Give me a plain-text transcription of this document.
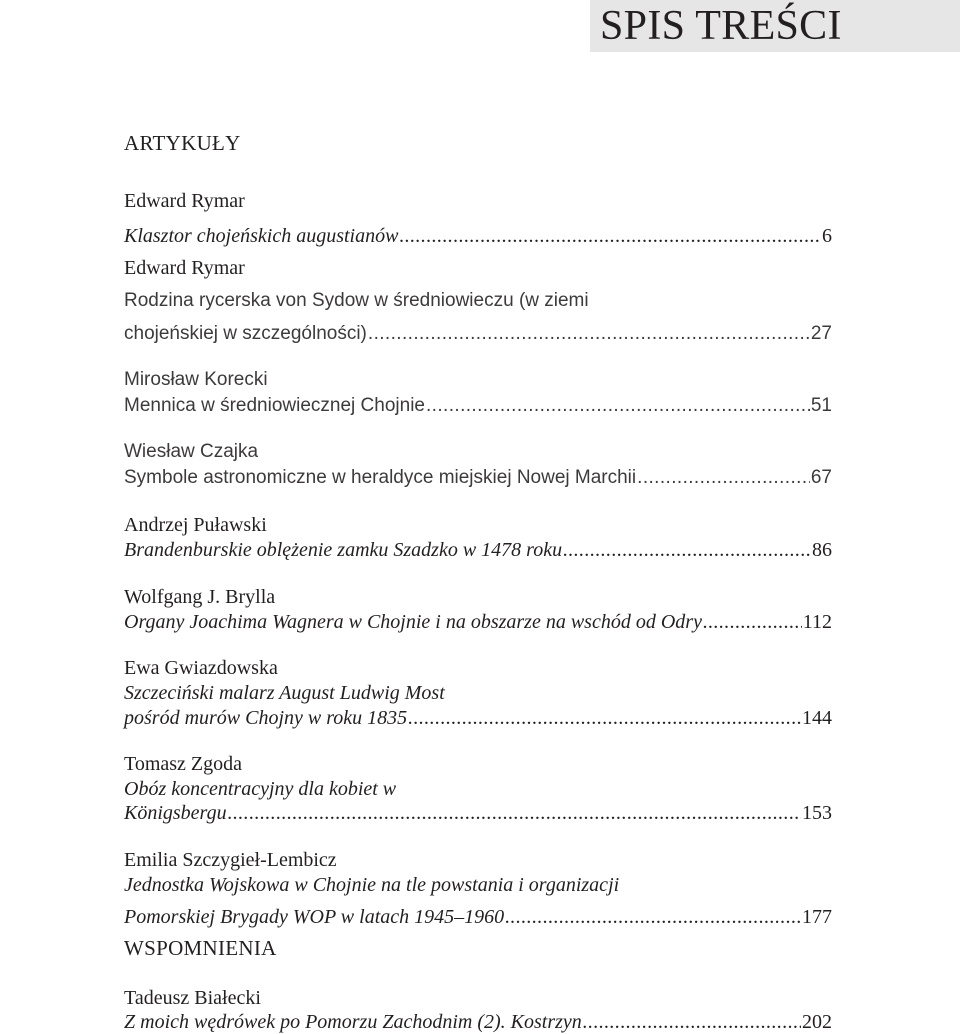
SPIS TREŚCI
ARTYKUŁY
Edward Rymar
Klasztor chojeńskich augustianów .....	6
Edward Rymar
Rodzina rycerska von Sydow w średniowieczu (w ziemi
chojeńskiej w szczególności) .....	27
Mirosław Korecki
Mennica w średniowiecznej Chojnie .....	51
Wiesław Czajka
Symbole astronomiczne w heraldyce miejskiej Nowej Marchii .....	67
Andrzej Puławski
Brandenburskie oblężenie zamku Szadzko w 1478 roku .....	86
Wolfgang J. Brylla
Organy Joachima Wagnera w Chojnie i na obszarze na wschód od Odry .....	112
Ewa Gwiazdowska
Szczeciński malarz August Ludwig Most
pośród murów Chojny w roku 1835 .....	144
Tomasz Zgoda
Obóz koncentracyjny dla kobiet w
Königsbergu .....	153
Emilia Szczygieł-Lembicz
Jednostka Wojskowa w Chojnie na tle powstania i organizacji
Pomorskiej Brygady WOP w latach 1945–1960 .....	177
WSPOMNIENIA
Tadeusz Białecki
Z moich wędrówek po Pomorzu Zachodnim (2). Kostrzyn .....	202
